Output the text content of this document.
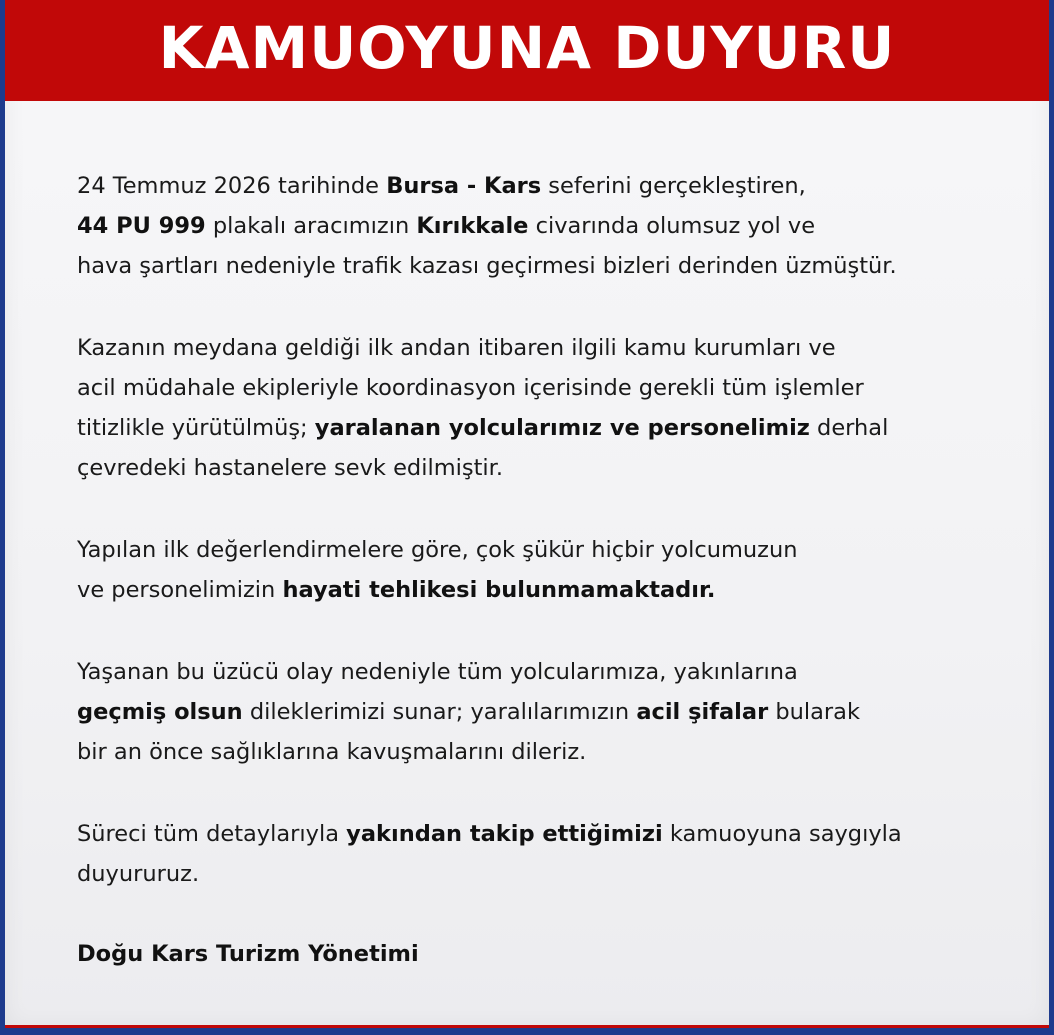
KAMUOYUNA DUYURU
24 Temmuz 2026 tarihinde Bursa - Kars seferini gerçekleştiren,
44 PU 999 plakalı aracımızın Kırıkkale civarında olumsuz yol ve
hava şartları nedeniyle trafik kazası geçirmesi bizleri derinden üzmüştür.
Kazanın meydana geldiği ilk andan itibaren ilgili kamu kurumları ve
acil müdahale ekipleriyle koordinasyon içerisinde gerekli tüm işlemler
titizlikle yürütülmüş; yaralanan yolcularımız ve personelimiz derhal
çevredeki hastanelere sevk edilmiştir.
Yapılan ilk değerlendirmelere göre, çok şükür hiçbir yolcumuzun
ve personelimizin hayati tehlikesi bulunmamaktadır.
Yaşanan bu üzücü olay nedeniyle tüm yolcularımıza, yakınlarına
geçmiş olsun dileklerimizi sunar; yaralılarımızın acil şifalar bularak
bir an önce sağlıklarına kavuşmalarını dileriz.
Süreci tüm detaylarıyla yakından takip ettiğimizi kamuoyuna saygıyla
duyururuz.
Doğu Kars Turizm Yönetimi
